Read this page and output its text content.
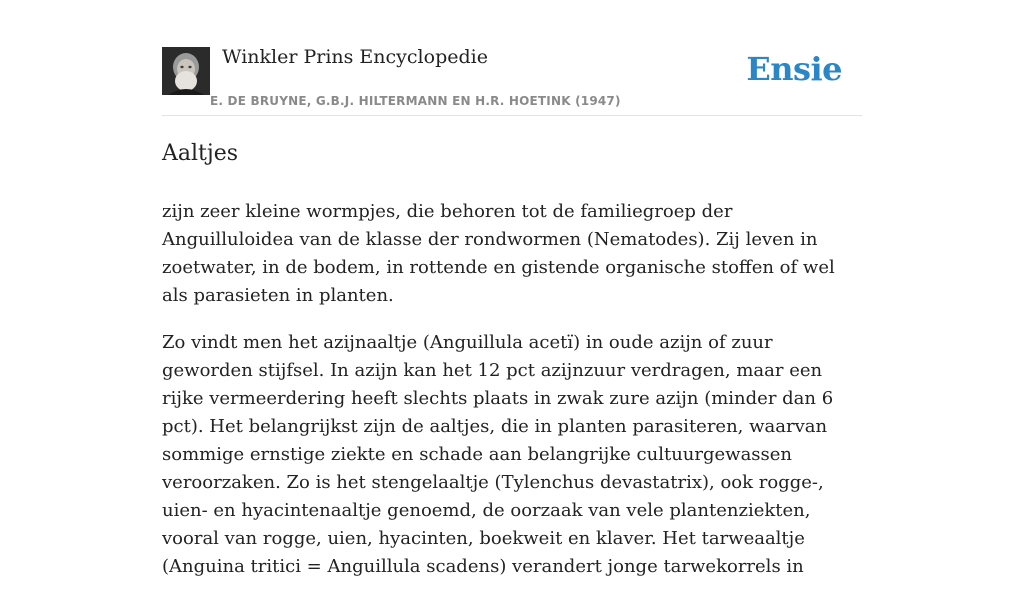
Winkler Prins Encyclopedie
E. DE BRUYNE, G.B.J. HILTERMANN EN H.R. HOETINK (1947)
Ensie
Aaltjes

zijn zeer kleine wormpjes, die behoren tot de familiegroep der Anguilluloidea van de klasse der rondwormen (Nematodes). Zij leven in zoetwater, in de bodem, in rottende en gistende organische stoffen of wel als parasieten in planten.

Zo vindt men het azijnaaltje (Anguillula acetï) in oude azijn of zuur geworden stijfsel. In azijn kan het 12 pct azijnzuur verdragen, maar een rijke vermeerdering heeft slechts plaats in zwak zure azijn (minder dan 6 pct). Het belangrijkst zijn de aaltjes, die in planten parasiteren, waarvan sommige ernstige ziekte en schade aan belangrijke cultuurgewassen veroorzaken. Zo is het stengelaaltje (Tylenchus devastatrix), ook rogge-, uien- en hyacintenaaltje genoemd, de oorzaak van vele plantenziekten, vooral van rogge, uien, hyacinten, boekweit en klaver. Het tarweaaltje (Anguina tritici = Anguillula scadens) verandert jonge tarwekorrels in
